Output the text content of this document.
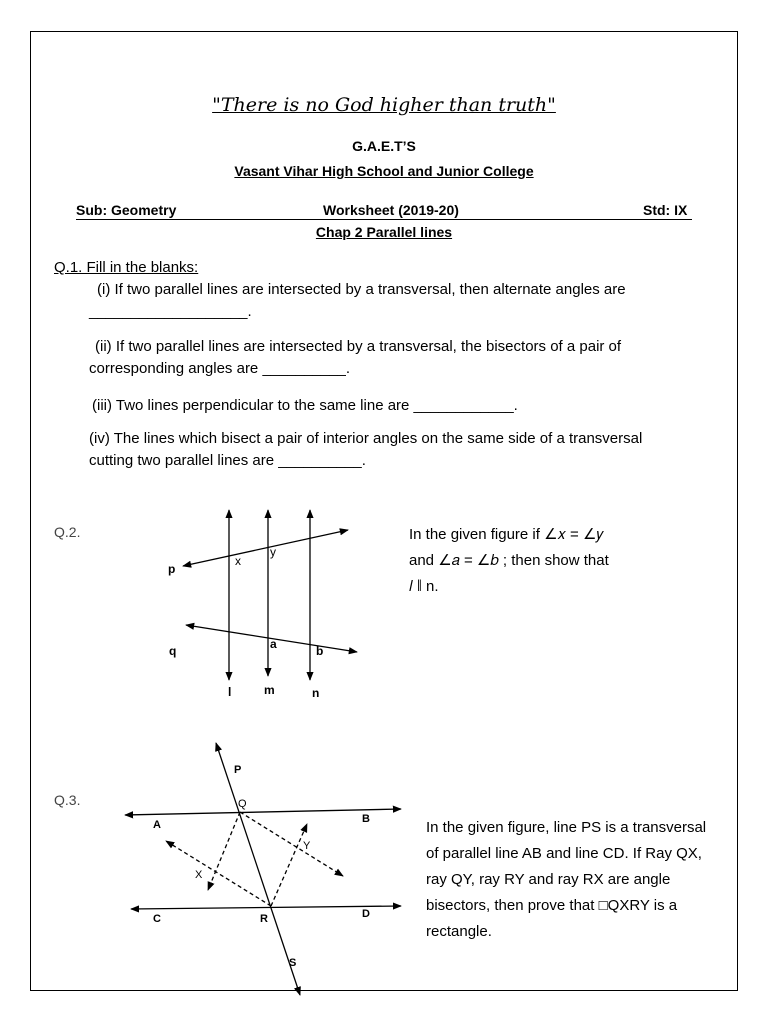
"There is no God higher than truth"
G.A.E.T’S
Vasant Vihar High School and Junior College
Sub: Geometry	Worksheet (2019-20)	Std: IX
Chap 2 Parallel lines
Q.1. Fill in the blanks:
(i) If two parallel lines are intersected by a transversal, then alternate angles are
___________________.
(ii) If two parallel lines are intersected by a transversal, the bisectors of a pair of
corresponding angles are __________.
(iii) Two lines perpendicular to the same line are ____________.
(iv) The lines which bisect a pair of interior angles on the same side of a transversal
cutting two parallel lines are __________.
Q.2.	In the given figure if ∠𝑥 = ∠𝑦
and ∠𝑎 = ∠𝑏 ; then show that
𝑙 ∥ n.
Q.3.
In the given figure, line PS is a transversal
of parallel line AB and line CD. If Ray QX,
ray QY, ray RY and ray RX are angle
bisectors, then prove that □QXRY is a
rectangle.
p
q
x
y
a	b
l	m	n
P
Q
A	B
C	D
R
S
X
Y
